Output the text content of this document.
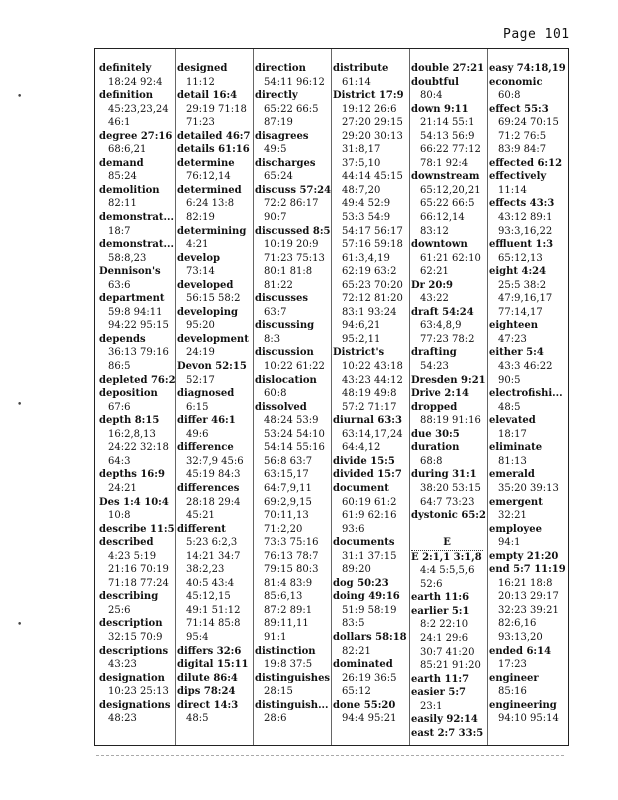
Page 101
•
•
•
definitely
18:24 92:4
definition
45:23,23,24
46:1
degree 27:16
68:6,21
demand
85:24
demolition
82:11
demonstrat...
18:7
demonstrat...
58:8,23
Dennison's
63:6
department
59:8 94:11
94:22 95:15
depends
36:13 79:16
86:5
depleted 76:2
deposition
67:6
depth 8:15
16:2,8,13
24:22 32:18
64:3
depths 16:9
24:21
Des 1:4 10:4
10:8
describe 11:5
described
4:23 5:19
21:16 70:19
71:18 77:24
describing
25:6
description
32:15 70:9
descriptions
43:23
designation
10:23 25:13
designations
48:23
designed
11:12
detail 16:4
29:19 71:18
71:23
detailed 46:7
details 61:16
determine
76:12,14
determined
6:24 13:8
82:19
determining
4:21
develop
73:14
developed
56:15 58:2
developing
95:20
development
24:19
Devon 52:15
52:17
diagnosed
6:15
differ 46:1
49:6
difference
32:7,9 45:6
45:19 84:3
differences
28:18 29:4
45:21
different
5:23 6:2,3
14:21 34:7
38:2,23
40:5 43:4
45:12,15
49:1 51:12
71:14 85:8
95:4
differs 32:6
digital 15:11
dilute 86:4
dips 78:24
direct 14:3
48:5
direction
54:11 96:12
directly
65:22 66:5
87:19
disagrees
49:5
discharges
65:24
discuss 57:24
72:2 86:17
90:7
discussed 8:5
10:19 20:9
71:23 75:13
80:1 81:8
81:22
discusses
63:7
discussing
8:3
discussion
10:22 61:22
dislocation
60:8
dissolved
48:24 53:9
53:24 54:10
54:14 55:16
56:8 63:7
63:15,17
64:7,9,11
69:2,9,15
70:11,13
71:2,20
73:3 75:16
76:13 78:7
79:15 80:3
81:4 83:9
85:6,13
87:2 89:1
89:11,11
91:1
distinction
19:8 37:5
distinguishes
28:15
distinguish...
28:6
distribute
61:14
District 17:9
19:12 26:6
27:20 29:15
29:20 30:13
31:8,17
37:5,10
44:14 45:15
48:7,20
49:4 52:9
53:3 54:9
54:17 56:17
57:16 59:18
61:3,4,19
62:19 63:2
65:23 70:20
72:12 81:20
83:1 93:24
94:6,21
95:2,11
District's
10:22 43:18
43:23 44:12
48:19 49:8
57:2 71:17
diurnal 63:3
63:14,17,24
64:4,12
divide 15:5
divided 15:7
document
60:19 61:2
61:9 62:16
93:6
documents
31:1 37:15
89:20
dog 50:23
doing 49:16
51:9 58:19
83:5
dollars 58:18
82:21
dominated
26:19 36:5
65:12
done 55:20
94:4 95:21
double 27:21
doubtful
80:4
down 9:11
21:14 55:1
54:13 56:9
66:22 77:12
78:1 92:4
downstream
65:12,20,21
65:22 66:5
66:12,14
83:12
downtown
61:21 62:10
62:21
Dr 20:9
43:22
draft 54:24
63:4,8,9
77:23 78:2
drafting
54:23
Dresden 9:21
Drive 2:14
dropped
88:19 91:16
due 30:5
duration
68:8
during 31:1
38:20 53:15
64:7 73:23
dystonic 65:2
E
E 2:1,1 3:1,8
4:4 5:5,5,6
52:6
earth 11:6
earlier 5:1
8:2 22:10
24:1 29:6
30:7 41:20
85:21 91:20
earth 11:7
easier 5:7
23:1
easily 92:14
east 2:7 33:5
easy 74:18,19
economic
60:8
effect 55:3
69:24 70:15
71:2 76:5
83:9 84:7
effected 6:12
effectively
11:14
effects 43:3
43:12 89:1
93:3,16,22
effluent 1:3
65:12,13
eight 4:24
25:5 38:2
47:9,16,17
77:14,17
eighteen
47:23
either 5:4
43:3 46:22
90:5
electrofishi...
48:5
elevated
18:17
eliminate
81:13
emerald
35:20 39:13
emergent
32:21
employee
94:1
empty 21:20
end 5:7 11:19
16:21 18:8
20:13 29:17
32:23 39:21
82:6,16
93:13,20
ended 6:14
17:23
engineer
85:16
engineering
94:10 95:14
